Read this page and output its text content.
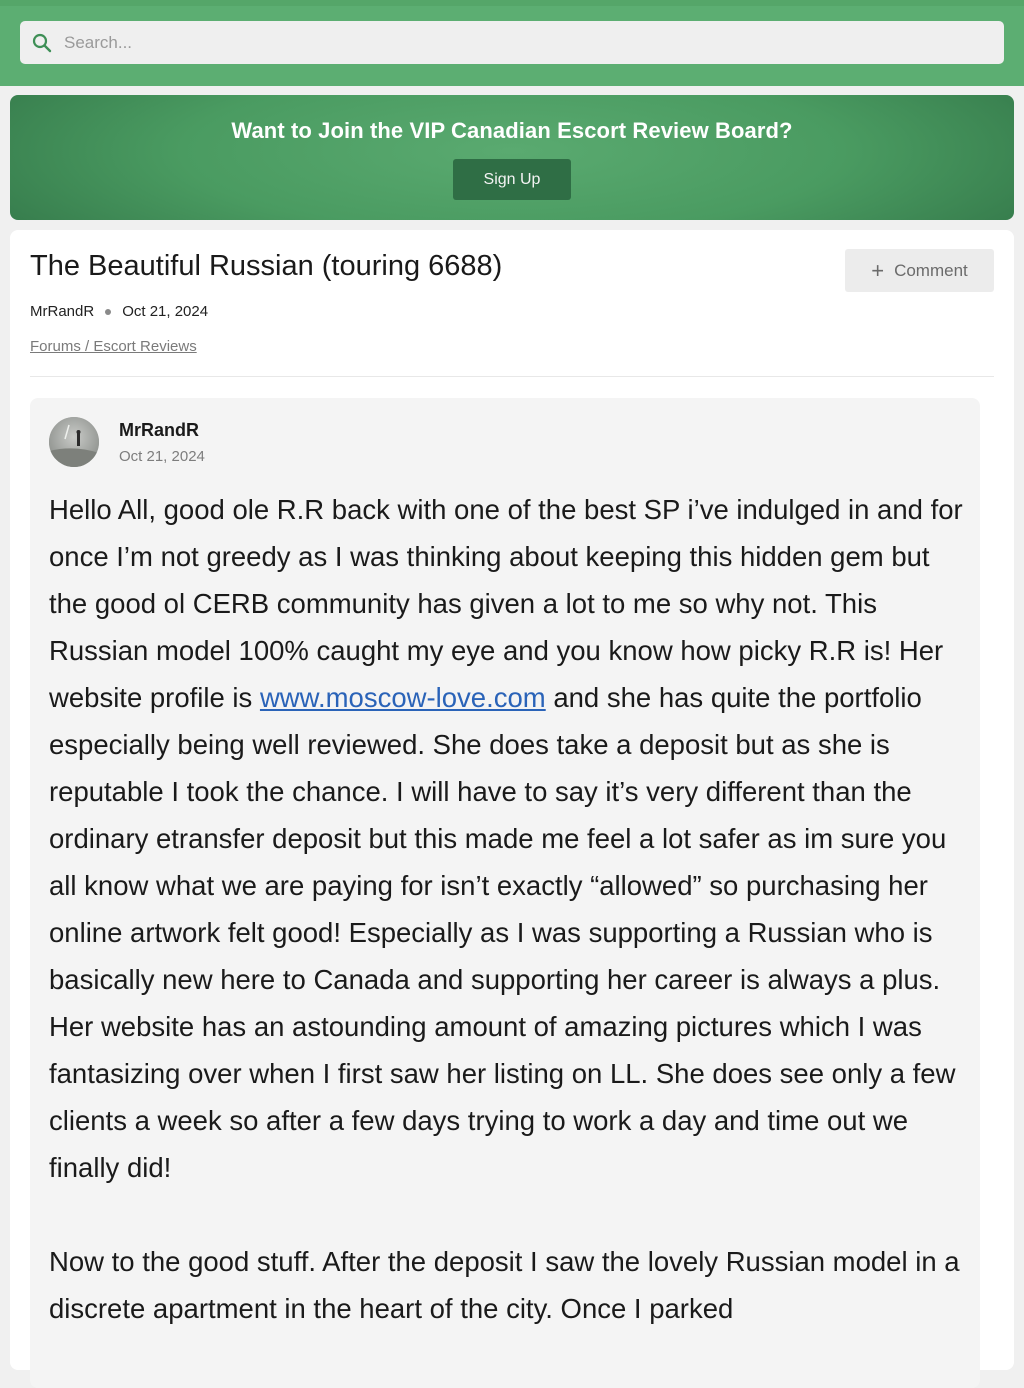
Search...
Want to Join the VIP Canadian Escort Review Board?
Sign Up
The Beautiful Russian (touring 6688)	+ Comment
MrRandR Oct 21, 2024
Forums / Escort Reviews
MrRandR
Oct 21, 2024

Hello All, good ole R.R back with one of the best SP i’ve indulged in and for once I’m not greedy as I was thinking about keeping this hidden gem but the good ol CERB community has given a lot to me so why not. This Russian model 100% caught my eye and you know how picky R.R is! Her website profile is www.moscow-love.com and she has quite the portfolio especially being well reviewed. She does take a deposit but as she is reputable I took the chance. I will have to say it’s very different than the ordinary etransfer deposit but this made me feel a lot safer as im sure you all know what we are paying for isn’t exactly “allowed” so purchasing her online artwork felt good! Especially as I was supporting a Russian who is basically new here to Canada and supporting her career is always a plus. Her website has an astounding amount of amazing pictures which I was fantasizing over when I first saw her listing on LL. She does see only a few clients a week so after a few days trying to work a day and time out we finally did!

Now to the good stuff. After the deposit I saw the lovely Russian model in a discrete apartment in the heart of the city. Once I parked
